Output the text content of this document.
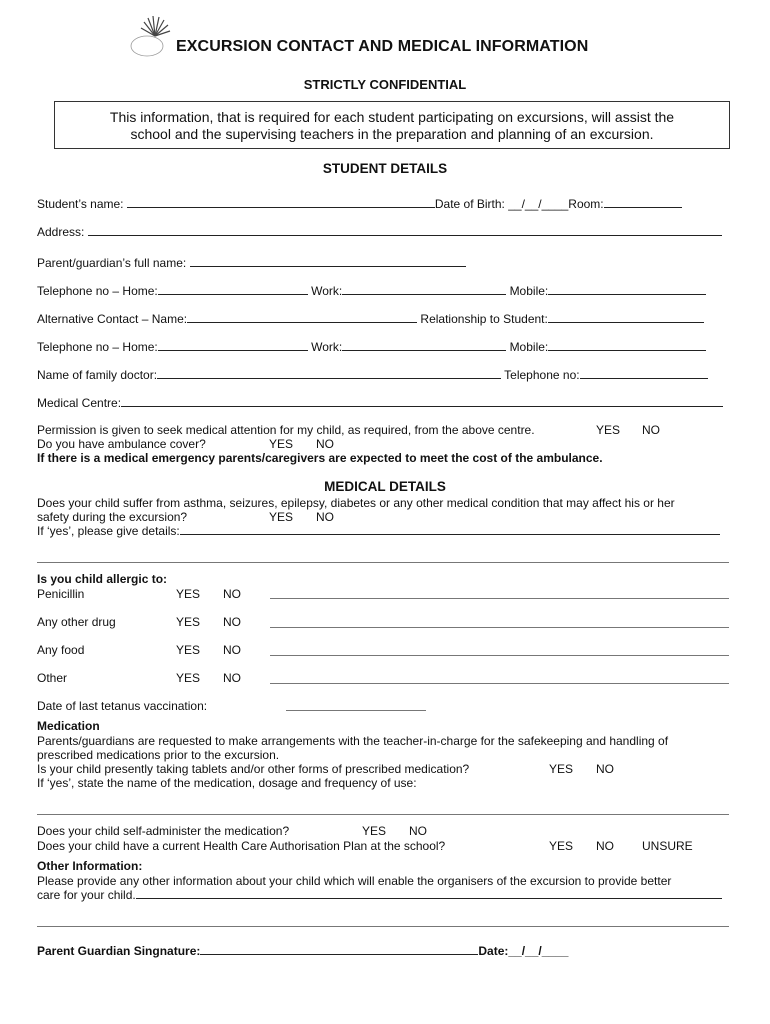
EXCURSION CONTACT AND MEDICAL INFORMATION
STRICTLY CONFIDENTIAL
This information, that is required for each student participating on excursions, will assist the
school and the supervising teachers in the preparation and planning of an excursion.
STUDENT DETAILS
Student’s name:	Date of Birth: __/__/____Room:
Address:
Parent/guardian’s full name:
Telephone no – Home:	Work:	Mobile:
Alternative Contact – Name:	Relationship to Student:
Telephone no – Home:	Work:	Mobile:
Name of family doctor:	Telephone no:
Medical Centre:
Permission is given to seek medical attention for my child, as required, from the above centre.	YES NO
Do you have ambulance cover?	YES NO
If there is a medical emergency parents/caregivers are expected to meet the cost of the ambulance.
MEDICAL DETAILS
Does your child suffer from asthma, seizures, epilepsy, diabetes or any other medical condition that may affect his or her
safety during the excursion?	YES NO
If ‘yes’, please give details:
Is you child allergic to:
Penicillin	YES NO
Any other drug	YES NO
Any food	YES NO
Other	YES NO
Date of last tetanus vaccination:
Medication
Parents/guardians are requested to make arrangements with the teacher-in-charge for the safekeeping and handling of
prescribed medications prior to the excursion.
Is your child presently taking tablets and/or other forms of prescribed medication?	YES NO
If ‘yes’, state the name of the medication, dosage and frequency of use:
Does your child self-administer the medication?	YES NO
Does your child have a current Health Care Authorisation Plan at the school?	YES NO UNSURE
Other Information:
Please provide any other information about your child which will enable the organisers of the excursion to provide better
care for your child.
Parent Guardian Singnature:	Date:__/__/____
